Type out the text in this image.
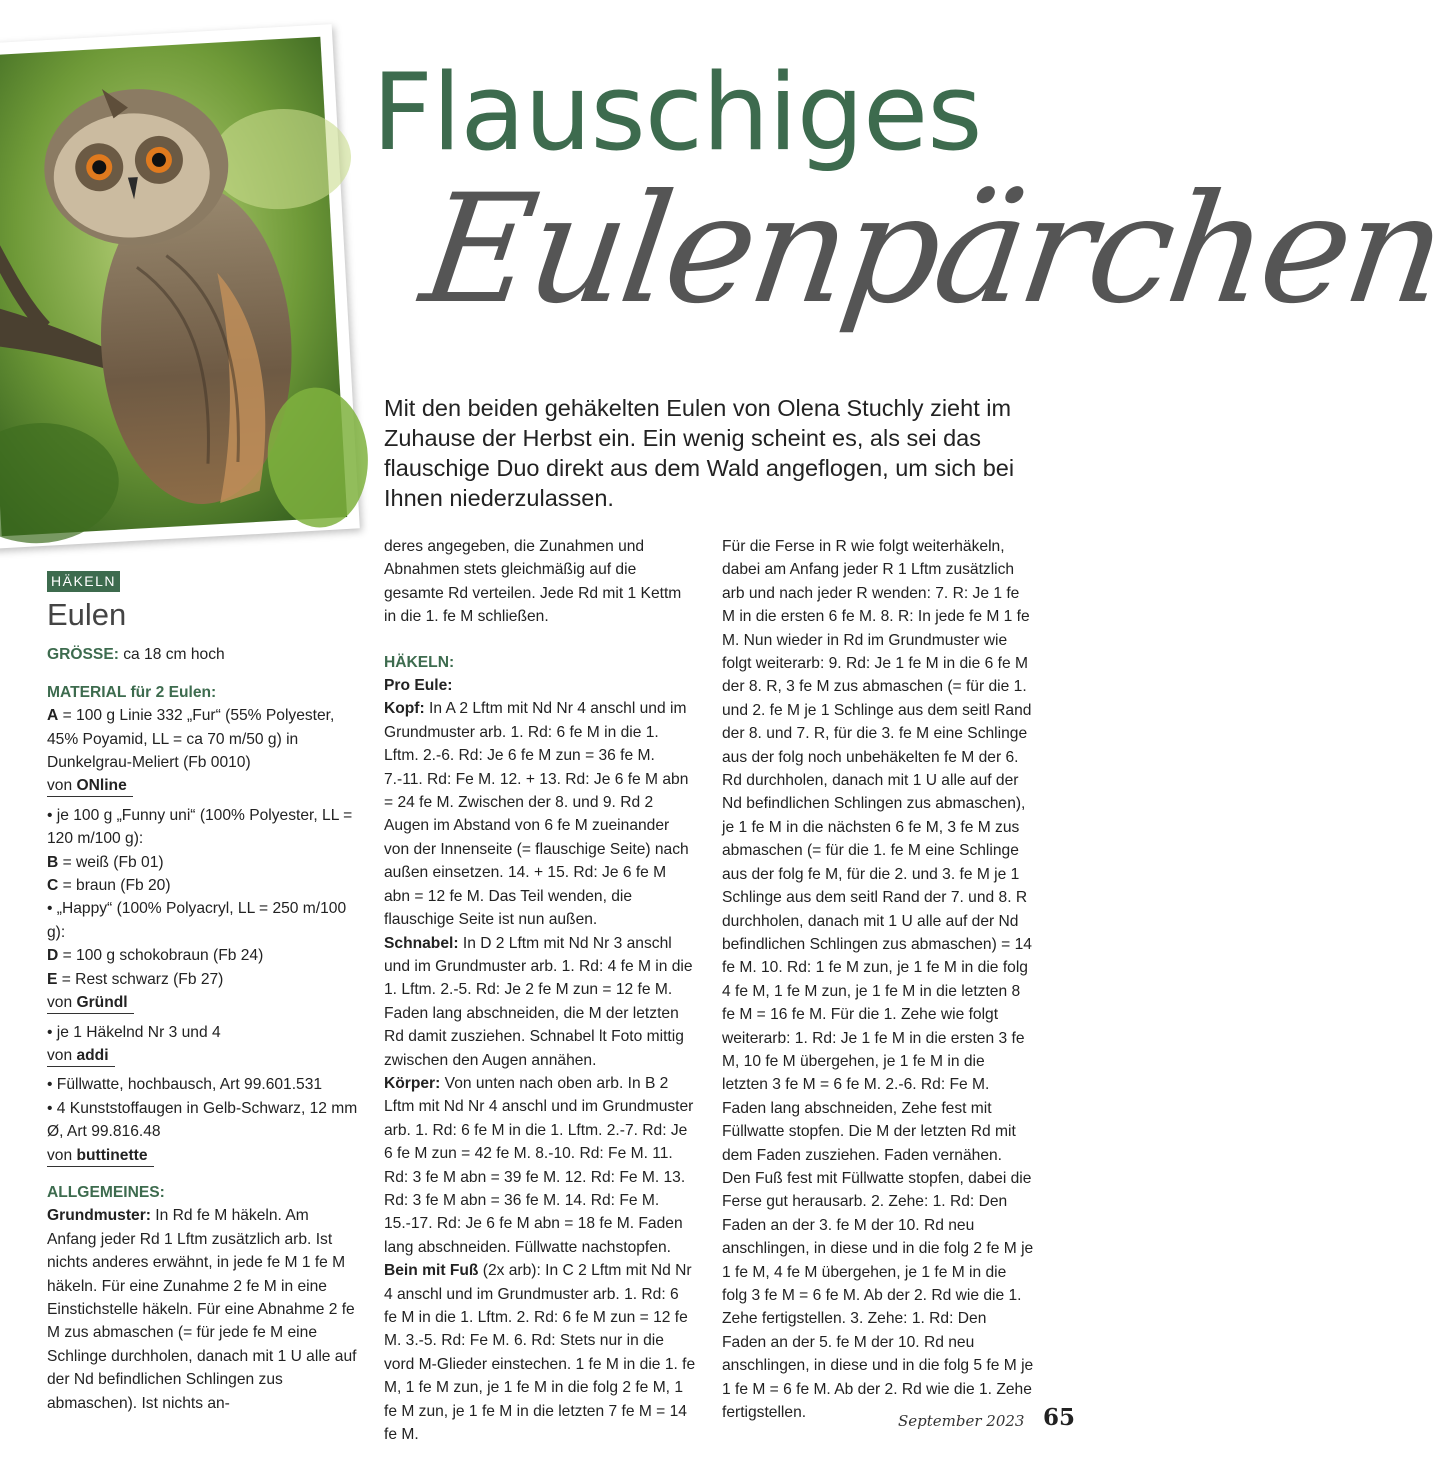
Flauschiges
Eulenpärchen
Mit den beiden gehäkelten Eulen von Olena Stuchly zieht im Zuhause der Herbst ein. Ein wenig scheint es, als sei das flauschige Duo direkt aus dem Wald angeflogen, um sich bei Ihnen niederzulassen.
HÄKELN
Eulen

GRÖSSE: ca 18 cm hoch

MATERIAL für 2 Eulen:

A = 100 g Linie 332 „Fur“ (55% Polyester, 45% Poyamid, LL = ca 70 m/50 g) in Dunkelgrau-Meliert (Fb 0010)

von ONline

• je 100 g „Funny uni“ (100% Polyester, LL = 120 m/100 g):

B = weiß (Fb 01)

C = braun (Fb 20)

• „Happy“ (100% Polyacryl, LL = 250 m/100 g):

D = 100 g schokobraun (Fb 24)

E = Rest schwarz (Fb 27)

von Gründl

• je 1 Häkelnd Nr 3 und 4

von addi

• Füllwatte, hochbausch, Art 99.601.531

• 4 Kunststoffaugen in Gelb-Schwarz, 12 mm Ø, Art 99.816.48

von buttinette

ALLGEMEINES:

Grundmuster: In Rd fe M häkeln. Am Anfang jeder Rd 1 Lftm zusätzlich arb. Ist nichts anderes erwähnt, in jede fe M 1 fe M häkeln. Für eine Zunahme 2 fe M in eine Einstichstelle häkeln. Für eine Abnahme 2 fe M zus abmaschen (= für jede fe M eine Schlinge durchholen, danach mit 1 U alle auf der Nd befindlichen Schlingen zus abmaschen). Ist nichts an-

deres angegeben, die Zunahmen und Abnahmen stets gleichmäßig auf die gesamte Rd verteilen. Jede Rd mit 1 Kettm in die 1. fe M schließen.

HÄKELN:

Pro Eule:

Kopf: In A 2 Lftm mit Nd Nr 4 anschl und im Grundmuster arb. 1. Rd: 6 fe M in die 1. Lftm. 2.-6. Rd: Je 6 fe M zun = 36 fe M. 7.-11. Rd: Fe M. 12. + 13. Rd: Je 6 fe M abn = 24 fe M. Zwischen der 8. und 9. Rd 2 Augen im Abstand von 6 fe M zueinander von der Innenseite (= flauschige Seite) nach außen einsetzen. 14. + 15. Rd: Je 6 fe M abn = 12 fe M. Das Teil wenden, die flauschige Seite ist nun außen.

Schnabel: In D 2 Lftm mit Nd Nr 3 anschl und im Grundmuster arb. 1. Rd: 4 fe M in die 1. Lftm. 2.-5. Rd: Je 2 fe M zun = 12 fe M. Faden lang abschneiden, die M der letzten Rd damit zusziehen. Schnabel lt Foto mittig zwischen den Augen annähen.

Körper: Von unten nach oben arb. In B 2 Lftm mit Nd Nr 4 anschl und im Grundmuster arb. 1. Rd: 6 fe M in die 1. Lftm. 2.-7. Rd: Je 6 fe M zun = 42 fe M. 8.-10. Rd: Fe M. 11. Rd: 3 fe M abn = 39 fe M. 12. Rd: Fe M. 13. Rd: 3 fe M abn = 36 fe M. 14. Rd: Fe M. 15.-17. Rd: Je 6 fe M abn = 18 fe M. Faden lang abschneiden. Füllwatte nachstopfen.

Bein mit Fuß (2x arb): In C 2 Lftm mit Nd Nr 4 anschl und im Grundmuster arb. 1. Rd: 6 fe M in die 1. Lftm. 2. Rd: 6 fe M zun = 12 fe M. 3.-5. Rd: Fe M. 6. Rd: Stets nur in die vord M-Glieder einstechen. 1 fe M in die 1. fe M, 1 fe M zun, je 1 fe M in die folg 2 fe M, 1 fe M zun, je 1 fe M in die letzten 7 fe M = 14 fe M.

Für die Ferse in R wie folgt weiterhäkeln, dabei am Anfang jeder R 1 Lftm zusätzlich arb und nach jeder R wenden: 7. R: Je 1 fe M in die ersten 6 fe M. 8. R: In jede fe M 1 fe M. Nun wieder in Rd im Grundmuster wie folgt weiterarb: 9. Rd: Je 1 fe M in die 6 fe M der 8. R, 3 fe M zus abmaschen (= für die 1. und 2. fe M je 1 Schlinge aus dem seitl Rand der 8. und 7. R, für die 3. fe M eine Schlinge aus der folg noch unbehäkelten fe M der 6. Rd durchholen, danach mit 1 U alle auf der Nd befindlichen Schlingen zus abmaschen), je 1 fe M in die nächsten 6 fe M, 3 fe M zus abmaschen (= für die 1. fe M eine Schlinge aus der folg fe M, für die 2. und 3. fe M je 1 Schlinge aus dem seitl Rand der 7. und 8. R durchholen, danach mit 1 U alle auf der Nd befindlichen Schlingen zus abmaschen) = 14 fe M. 10. Rd: 1 fe M zun, je 1 fe M in die folg 4 fe M, 1 fe M zun, je 1 fe M in die letzten 8 fe M = 16 fe M. Für die 1. Zehe wie folgt weiterarb: 1. Rd: Je 1 fe M in die ersten 3 fe M, 10 fe M übergehen, je 1 fe M in die letzten 3 fe M = 6 fe M. 2.-6. Rd: Fe M. Faden lang abschneiden, Zehe fest mit Füllwatte stopfen. Die M der letzten Rd mit dem Faden zusziehen. Faden vernähen. Den Fuß fest mit Füllwatte stopfen, dabei die Ferse gut herausarb. 2. Zehe: 1. Rd: Den Faden an der 3. fe M der 10. Rd neu anschlingen, in diese und in die folg 2 fe M je 1 fe M, 4 fe M übergehen, je 1 fe M in die folg 3 fe M = 6 fe M. Ab der 2. Rd wie die 1. Zehe fertigstellen. 3. Zehe: 1. Rd: Den Faden an der 5. fe M der 10. Rd neu anschlingen, in diese und in die folg 5 fe M je 1 fe M = 6 fe M. Ab der 2. Rd wie die 1. Zehe fertigstellen.	September 2023 65
